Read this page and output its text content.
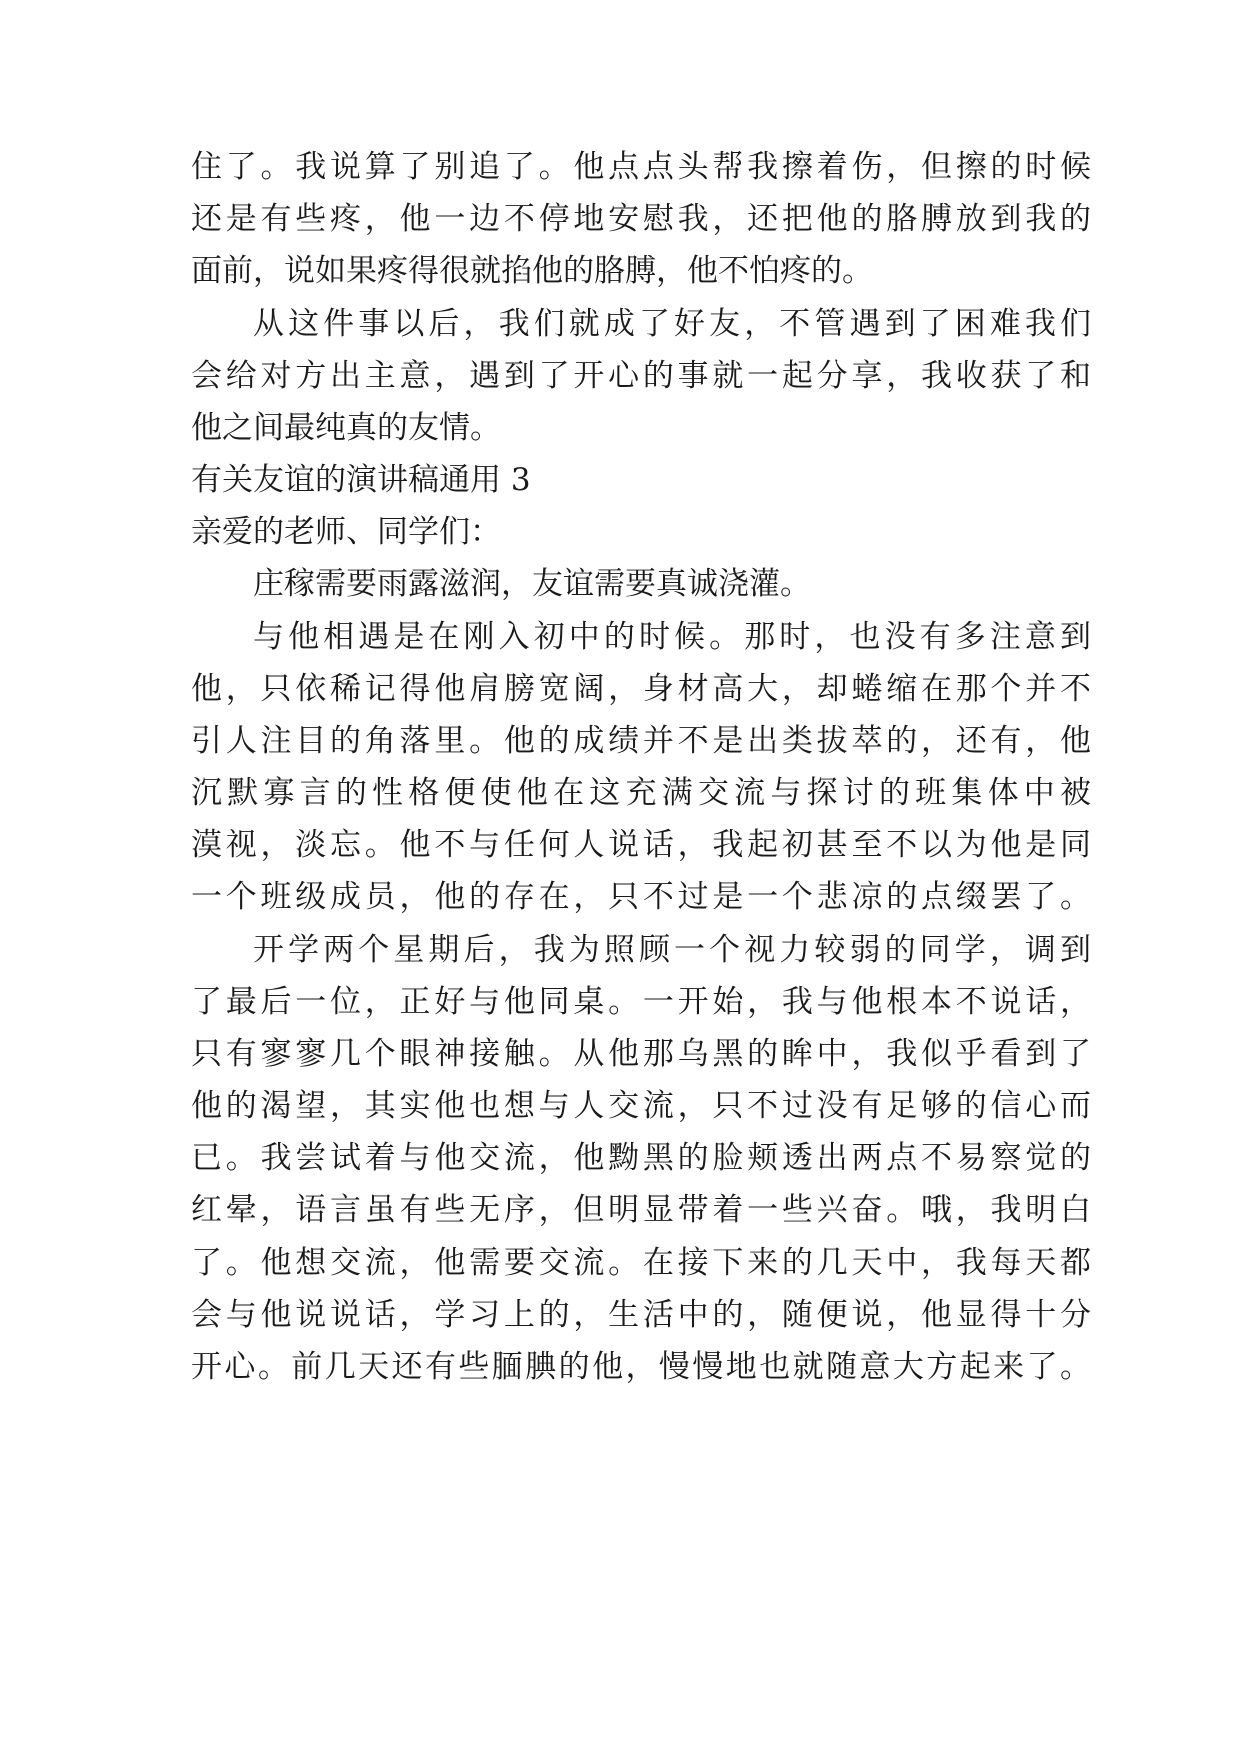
住了。我说算了别追了。他点点头帮我擦着伤，但擦的时候
还是有些疼，他一边不停地安慰我，还把他的胳膊放到我的
面前，说如果疼得很就掐他的胳膊，他不怕疼的。
从这件事以后，我们就成了好友，不管遇到了困难我们
会给对方出主意，遇到了开心的事就一起分享，我收获了和
他之间最纯真的友情。
有关友谊的演讲稿通用 3
亲爱的老师、同学们：
庄稼需要雨露滋润，友谊需要真诚浇灌。
与他相遇是在刚入初中的时候。那时，也没有多注意到
他，只依稀记得他肩膀宽阔，身材高大，却蜷缩在那个并不
引人注目的角落里。他的成绩并不是出类拔萃的，还有，他
沉默寡言的性格便使他在这充满交流与探讨的班集体中被
漠视，淡忘。他不与任何人说话，我起初甚至不以为他是同
一个班级成员，他的存在，只不过是一个悲凉的点缀罢了。
开学两个星期后，我为照顾一个视力较弱的同学，调到
了最后一位，正好与他同桌。一开始，我与他根本不说话，
只有寥寥几个眼神接触。从他那乌黑的眸中，我似乎看到了
他的渴望，其实他也想与人交流，只不过没有足够的信心而
已。我尝试着与他交流，他黝黑的脸颊透出两点不易察觉的
红晕，语言虽有些无序，但明显带着一些兴奋。哦，我明白
了。他想交流，他需要交流。在接下来的几天中，我每天都
会与他说说话，学习上的，生活中的，随便说，他显得十分
开心。前几天还有些腼腆的他，慢慢地也就随意大方起来了。
